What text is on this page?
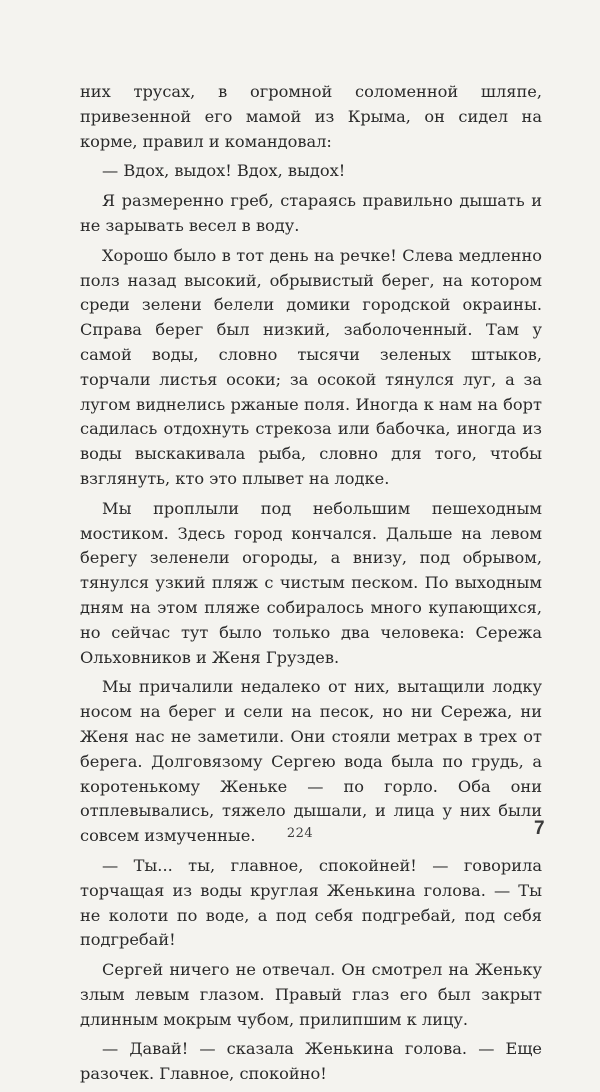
них трусах, в огромной соломенной шляпе, привезенной его мамой из Крыма, он сидел на корме, правил и командовал:

— Вдох, выдох! Вдох, выдох!

Я размеренно греб, стараясь правильно дышать и не зарывать весел в воду.

Хорошо было в тот день на речке! Слева медленно полз назад высокий, обрывистый берег, на котором среди зелени белели домики городской окраины. Справа берег был низкий, заболоченный. Там у самой воды, словно тысячи зеленых штыков, торчали листья осоки; за осокой тянулся луг, а за лугом виднелись ржаные поля. Иногда к нам на борт садилась отдохнуть стрекоза или бабочка, иногда из воды выскакивала рыба, словно для того, чтобы взглянуть, кто это плывет на лодке.

Мы проплыли под небольшим пешеходным мостиком. Здесь город кончался. Дальше на левом берегу зеленели огороды, а внизу, под обрывом, тянулся узкий пляж с чистым песком. По выходным дням на этом пляже собиралось много купающихся, но сейчас тут было только два человека: Сережа Ольховников и Женя Груздев.

Мы причалили недалеко от них, вытащили лодку носом на берег и сели на песок, но ни Сережа, ни Женя нас не заметили. Они стояли метрах в трех от берега. Долговязому Сергею вода была по грудь, а коротенькому Женьке — по горло. Оба они отплевывались, тяжело дышали, и лица у них были совсем измученные.

— Ты... ты, главное, спокойней! — говорила торчащая из воды круглая Женькина голова. — Ты не колоти по воде, а под себя подгребай, под себя подгребай!

Сергей ничего не отвечал. Он смотрел на Женьку злым левым глазом. Правый глаз его был закрыт длинным мокрым чубом, прилипшим к лицу.

— Давай! — сказала Женькина голова. — Еще разочек. Главное, спокойно!

224	7
